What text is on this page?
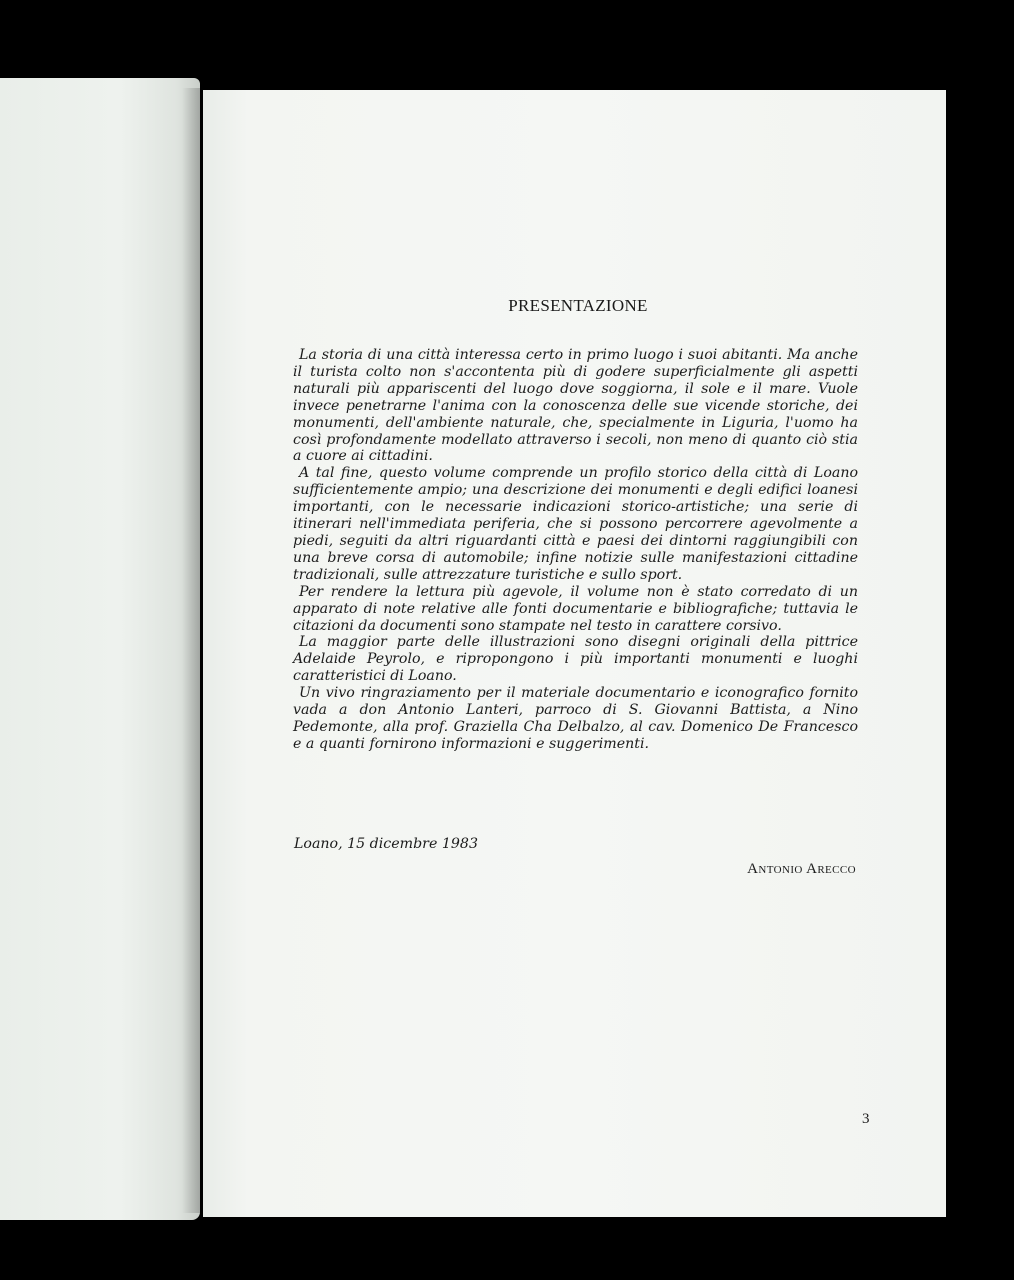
PRESENTAZIONE

La storia di una città interessa certo in primo luogo i suoi abitanti. Ma anche il turista colto non s'accontenta più di godere superficialmente gli aspetti naturali più appariscenti del luogo dove soggiorna, il sole e il mare. Vuole invece penetrarne l'anima con la conoscenza delle sue vicende storiche, dei monumenti, dell'ambiente naturale, che, specialmente in Liguria, l'uomo ha così profondamente modellato attraverso i secoli, non meno di quanto ciò stia a cuore ai cittadini.

A tal fine, questo volume comprende un profilo storico della città di Loano sufficientemente ampio; una descrizione dei monumenti e degli edifici loanesi importanti, con le necessarie indicazioni storico-artistiche; una serie di itinerari nell'immediata periferia, che si possono percorrere agevolmente a piedi, seguiti da altri riguardanti città e paesi dei dintorni raggiungibili con una breve corsa di automobile; infine notizie sulle manifestazioni cittadine tradizionali, sulle attrezzature turistiche e sullo sport.

Per rendere la lettura più agevole, il volume non è stato corredato di un apparato di note relative alle fonti documentarie e bibliografiche; tuttavia le citazioni da documenti sono stampate nel testo in carattere corsivo.

La maggior parte delle illustrazioni sono disegni originali della pittrice Adelaide Peyrolo, e ripropongono i più importanti monumenti e luoghi caratteristici di Loano.

Un vivo ringraziamento per il materiale documentario e iconografico fornito vada a don Antonio Lanteri, parroco di S. Giovanni Battista, a Nino Pedemonte, alla prof. Graziella Cha Delbalzo, al cav. Domenico De Francesco e a quanti fornirono informazioni e suggerimenti.

Loano, 15 dicembre 1983
Antonio Arecco
3
